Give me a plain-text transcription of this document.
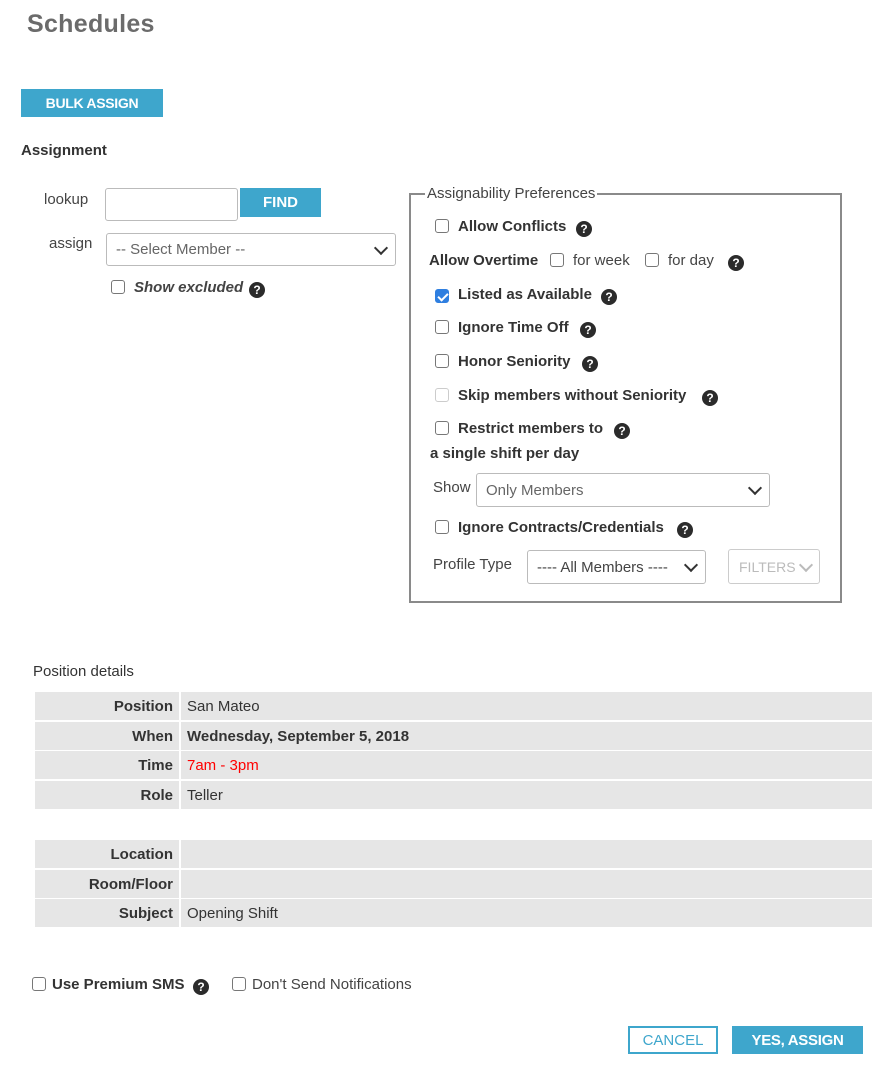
Schedules
BULK ASSIGN
Assignment
lookup	FIND
assign -- Select Member --
Show excluded ?
Assignability Preferences
Allow Conflicts	?
Allow Overtime for week	for day	?
Listed as Available	?
Ignore Time Off	?
Honor Seniority	?
Skip members without Seniority	?
Restrict members to	?
a single shift per day
Show Only Members
Ignore Contracts/Credentials	?
Profile Type ---- All Members ----	FILTERS
Position details
Position San Mateo
When Wednesday, September 5, 2018
Time 7am - 3pm
Role Teller
Location
Room/Floor
Subject Opening Shift
Use Premium SMS	?	Don't Send Notifications
CANCEL	YES, ASSIGN
